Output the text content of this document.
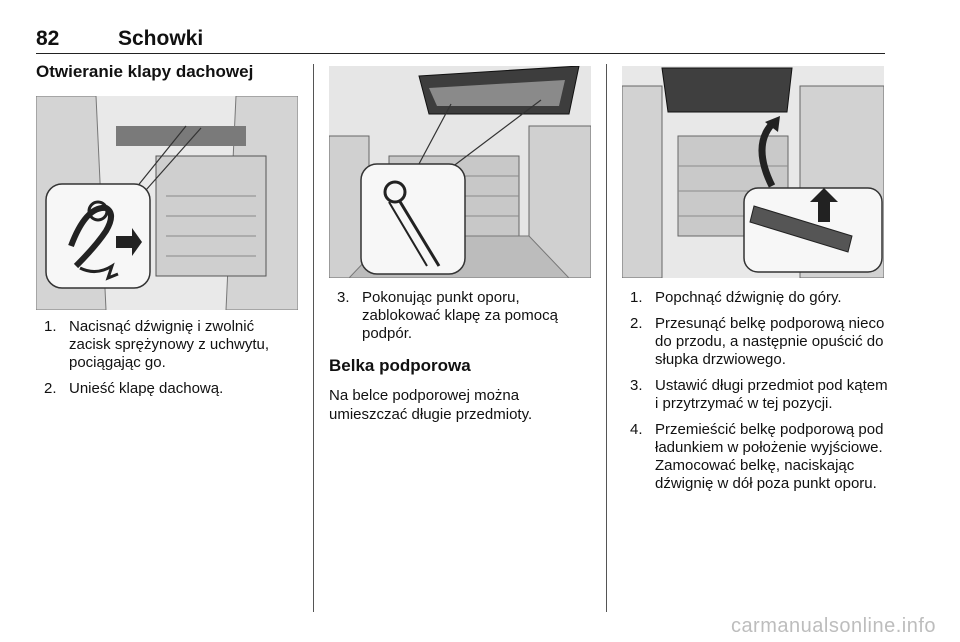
82	Schowki
Otwieranie klapy dachowej
1. Nacisnąć dźwignię i zwolnić zacisk sprężynowy z uchwytu, pociągając go.
2. Unieść klapę dachową.
3. Pokonując punkt oporu, zablokować klapę za pomocą podpór.
Belka podporowa
Na belce podporowej można umieszczać długie przedmioty.
1. Popchnąć dźwignię do góry.
2. Przesunąć belkę podporową nieco do przodu, a następnie opuścić do słupka drzwiowego.
3. Ustawić długi przedmiot pod kątem i przytrzymać w tej pozycji.
4. Przemieścić belkę podporową pod ładunkiem w położenie wyjściowe. Zamocować belkę, naciskając dźwignię w dół poza punkt oporu.
carmanualsonline.info
